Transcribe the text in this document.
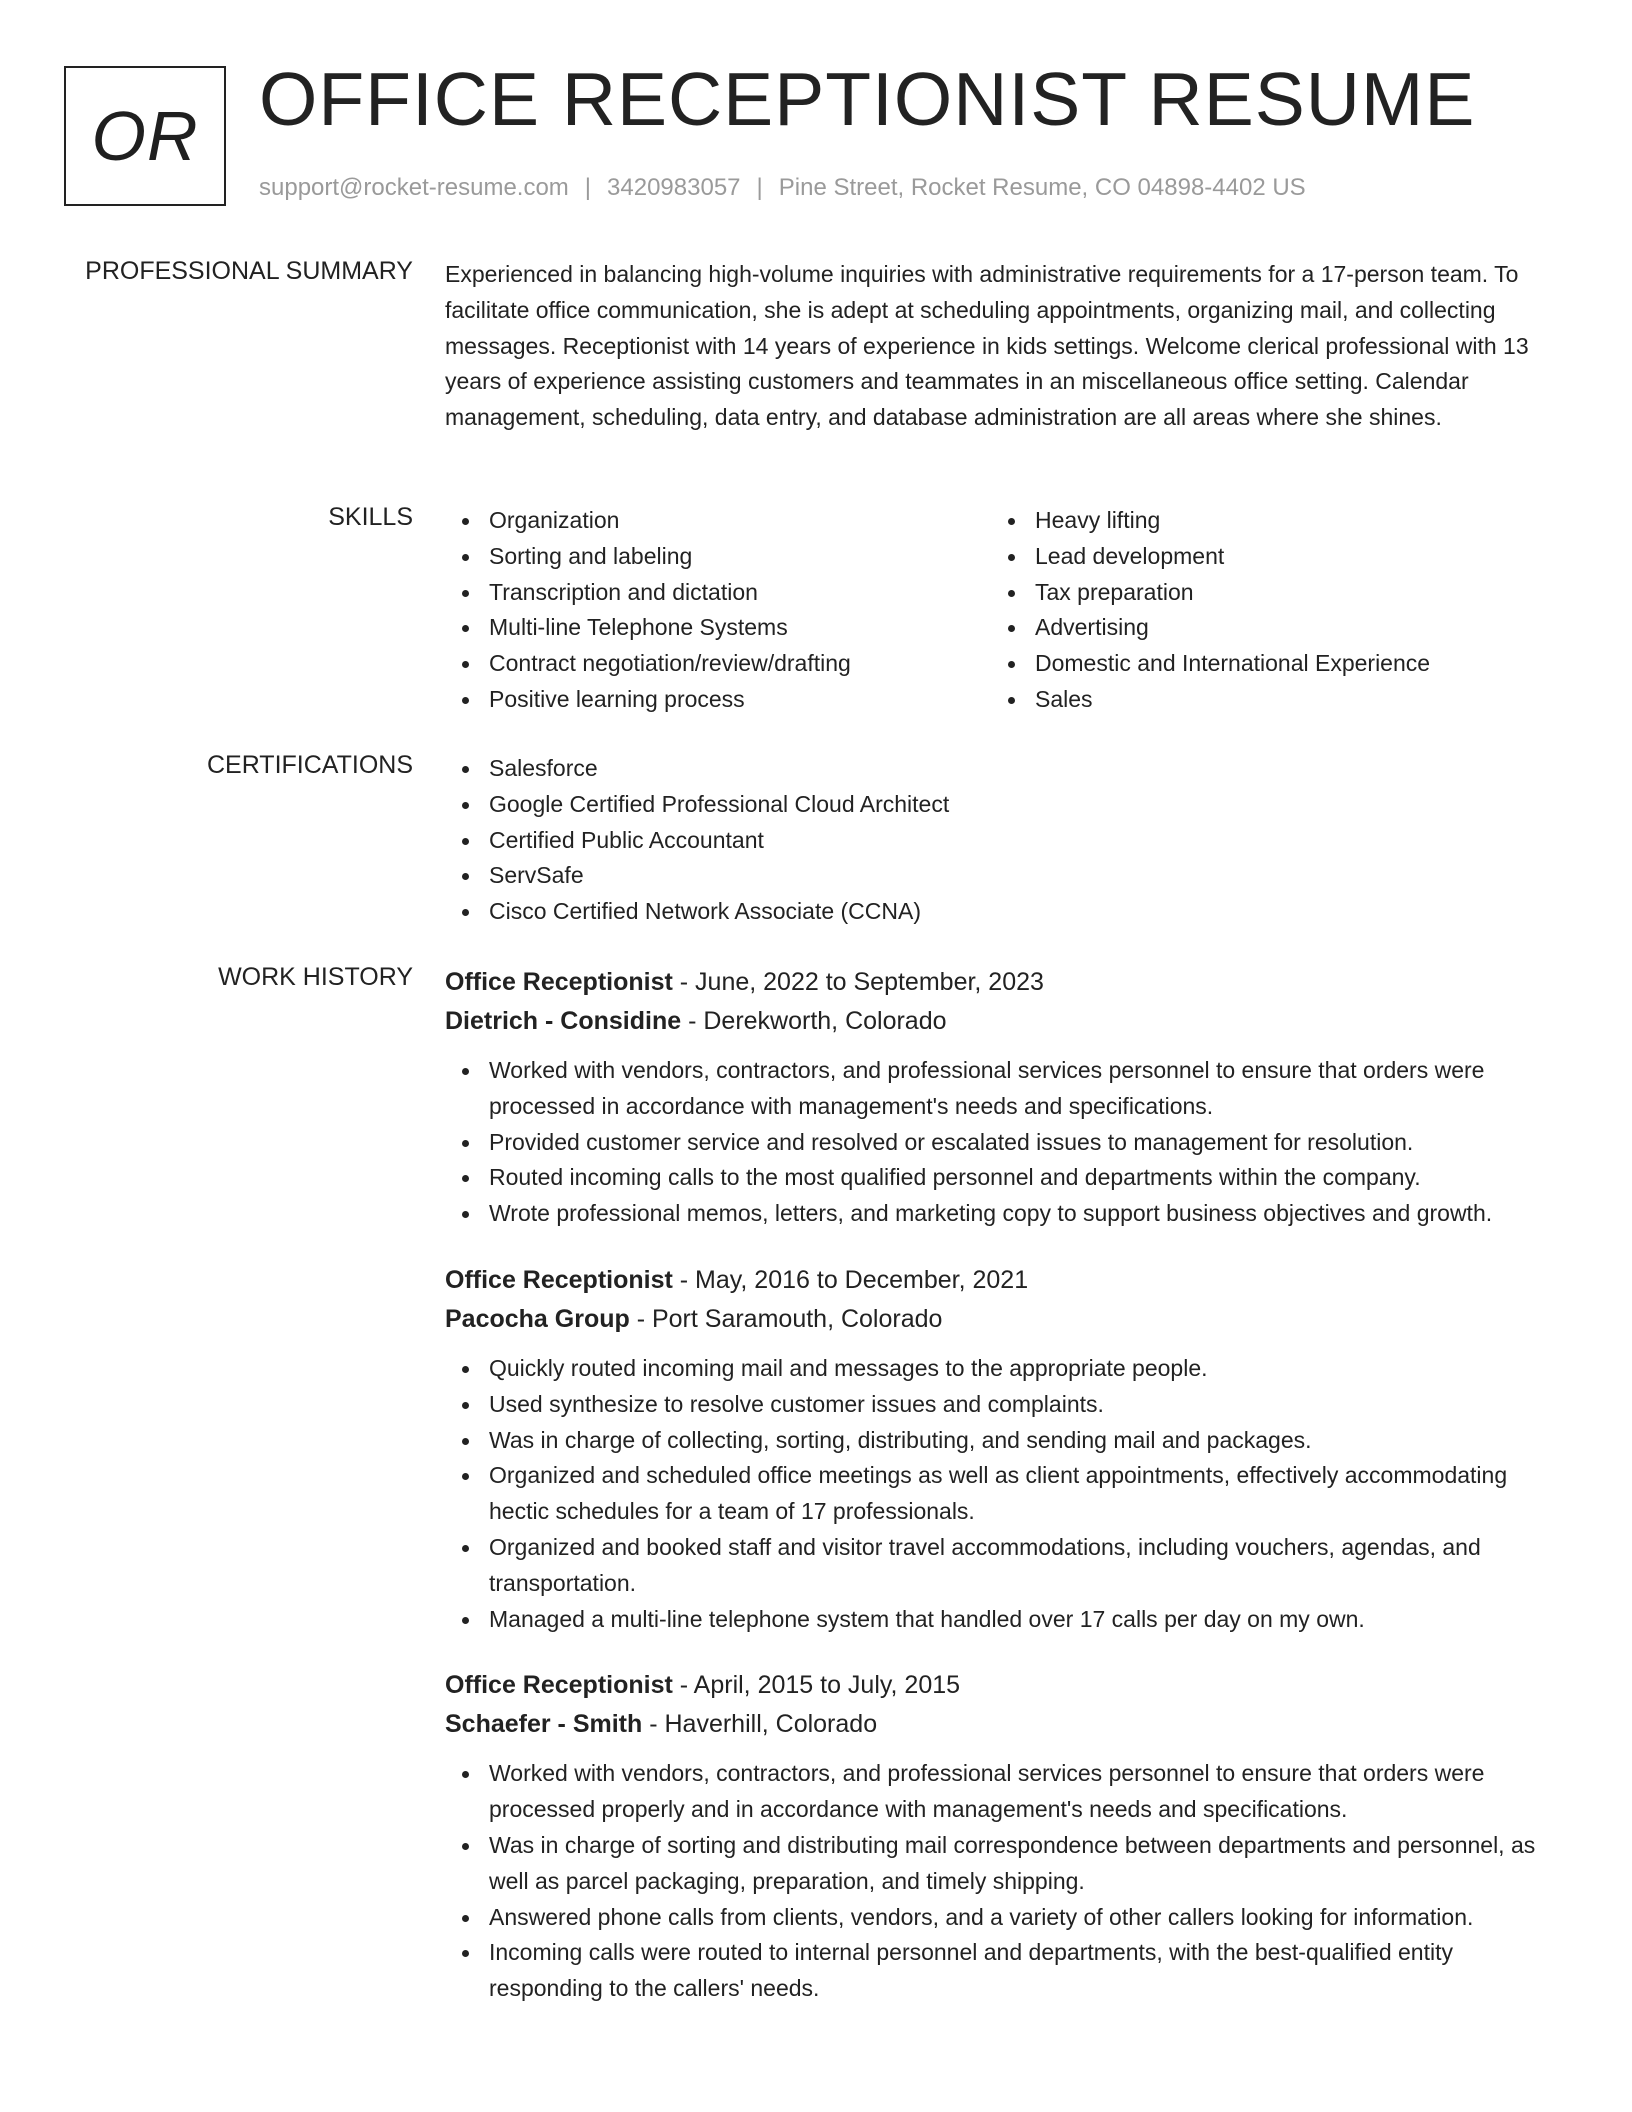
OR OFFICE RECEPTIONIST RESUME
support@rocket-resume.com | 3420983057 | Pine Street, Rocket Resume, CO 04898-4402 US
PROFESSIONAL SUMMARY Experienced in balancing high-volume inquiries with administrative requirements for a 17-person team. To facilitate office communication, she is adept at scheduling appointments, organizing mail, and collecting messages. Receptionist with 14 years of experience in kids settings. Welcome clerical professional with 13 years of experience assisting customers and teammates in an miscellaneous office setting. Calendar management, scheduling, data entry, and database administration are all areas where she shines.

SKILLS	Organization
Sorting and labeling
Transcription and dictation
Multi-line Telephone Systems
Contract negotiation/review/drafting
Positive learning process
Heavy lifting
Lead development
Tax preparation
Advertising
Domestic and International Experience
Sales
CERTIFICATIONS	Salesforce
Google Certified Professional Cloud Architect
Certified Public Accountant
ServSafe
Cisco Certified Network Associate (CCNA)
WORK HISTORY Office Receptionist - June, 2022 to September, 2023
Dietrich - Considine - Derekworth, Colorado
Worked with vendors, contractors, and professional services personnel to ensure that orders were processed in accordance with management's needs and specifications.
Provided customer service and resolved or escalated issues to management for resolution.
Routed incoming calls to the most qualified personnel and departments within the company.
Wrote professional memos, letters, and marketing copy to support business objectives and growth.
Office Receptionist - May, 2016 to December, 2021
Pacocha Group - Port Saramouth, Colorado
Quickly routed incoming mail and messages to the appropriate people.
Used synthesize to resolve customer issues and complaints.
Was in charge of collecting, sorting, distributing, and sending mail and packages.
Organized and scheduled office meetings as well as client appointments, effectively accommodating hectic schedules for a team of 17 professionals.
Organized and booked staff and visitor travel accommodations, including vouchers, agendas, and transportation.
Managed a multi-line telephone system that handled over 17 calls per day on my own.
Office Receptionist - April, 2015 to July, 2015
Schaefer - Smith - Haverhill, Colorado
Worked with vendors, contractors, and professional services personnel to ensure that orders were processed properly and in accordance with management's needs and specifications.
Was in charge of sorting and distributing mail correspondence between departments and personnel, as well as parcel packaging, preparation, and timely shipping.
Answered phone calls from clients, vendors, and a variety of other callers looking for information.
Incoming calls were routed to internal personnel and departments, with the best-qualified entity responding to the callers' needs.
